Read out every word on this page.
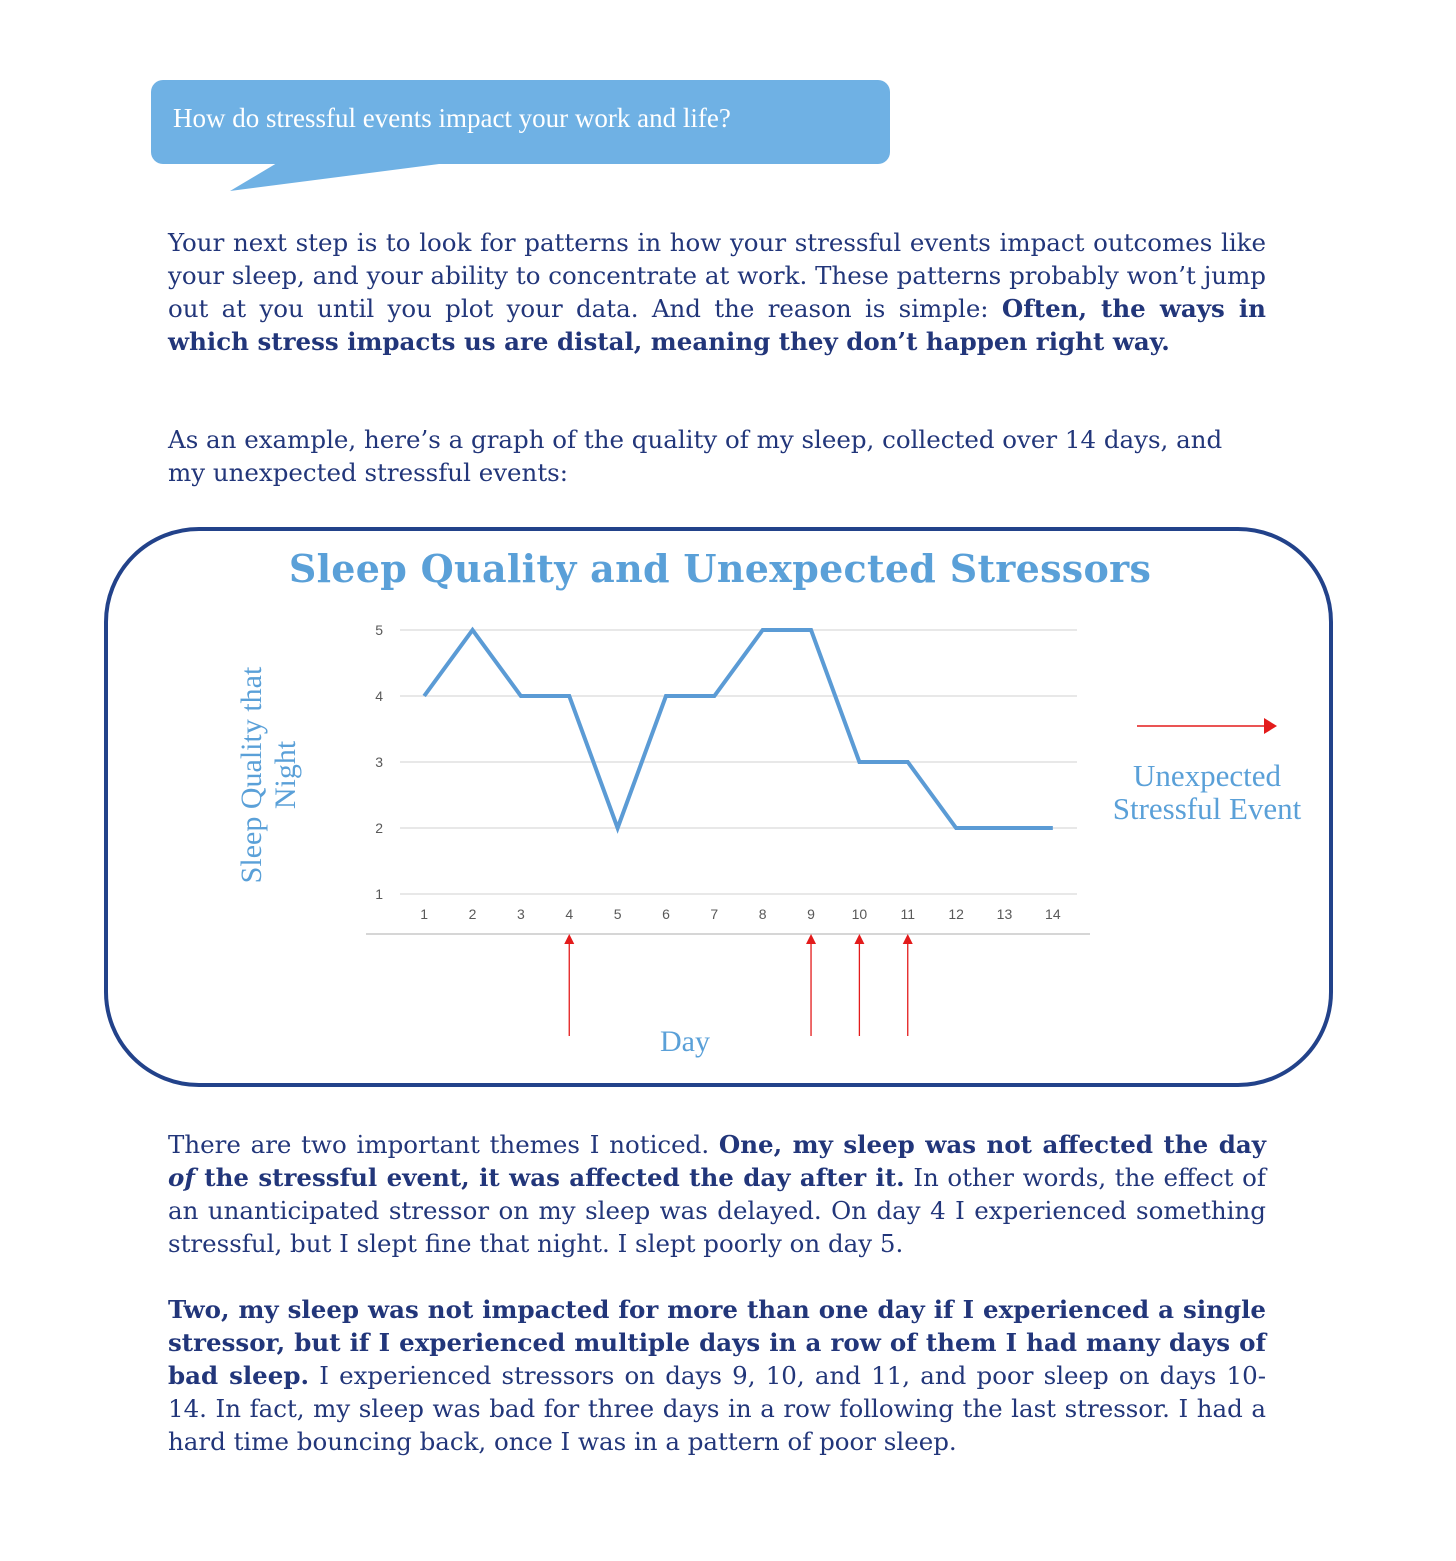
How do stressful events impact your work and life?

Your next step is to look for patterns in how your stressful events impact outcomes like your sleep, and your ability to concentrate at work. These patterns probably won’t jump out at you until you plot your data. And the reason is simple: Often, the ways in which stress impacts us are distal, meaning they don’t happen right way.

As an example, here’s a graph of the quality of my sleep, collected over 14 days, and my unexpected stressful events:

Sleep Quality and Unexpected Stressors
Sleep Quality that Night
Day
Unexpected Stressful Event
1
2
3
4
5
1	2	3	4	5	6	7	8	9	10 11 12 13 14

There are two important themes I noticed. One, my sleep was not affected the day of the stressful event, it was affected the day after it. In other words, the effect of an unanticipated stressor on my sleep was delayed. On day 4 I experienced something stressful, but I slept fine that night. I slept poorly on day 5.

Two, my sleep was not impacted for more than one day if I experienced a single stressor, but if I experienced multiple days in a row of them I had many days of bad sleep. I experienced stressors on days 9, 10, and 11, and poor sleep on days 10-14. In fact, my sleep was bad for three days in a row following the last stressor. I had a hard time bouncing back, once I was in a pattern of poor sleep.
